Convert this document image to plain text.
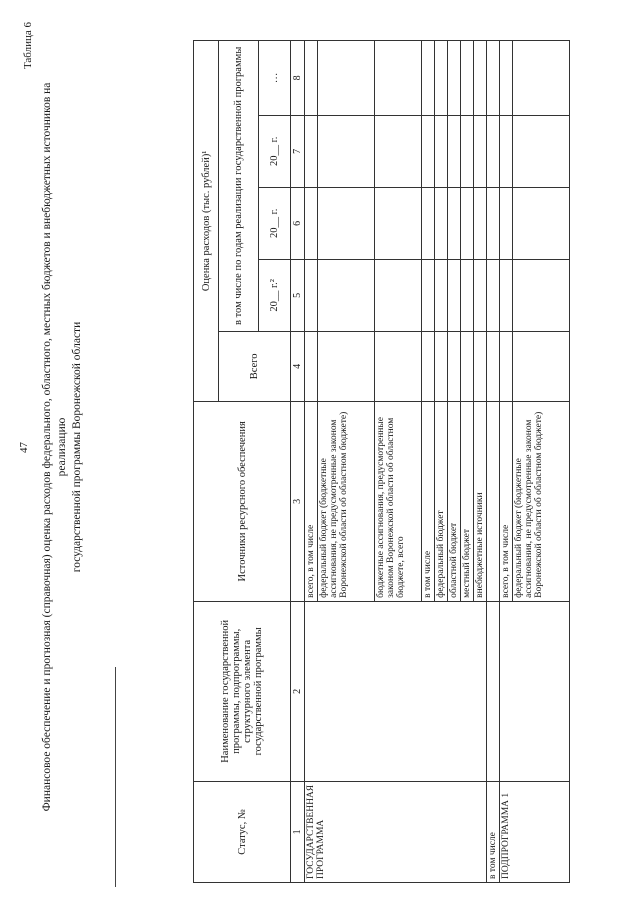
47
Таблица 6
Финансовое обеспечение и прогнозная (справочная) оценка расходов федерального, областного, местных бюджетов и внебюджетных источников на реализацию государственной программы Воронежской области
Статус, №	Наименование государственной программы, подпрограммы, структурного элемента государственной программы	Источники ресурсного обеспечения	Оценка расходов (тыс. рублей)¹				
			Всего	в том числе по годам реализации государственной программы			
				20__ г.²	20__ г.	20__ г.	…
1	2	3	4	5	6	7	8
ГОСУДАРСТВЕННАЯ ПРОГРАММА		всего, в том числе					
		федеральный бюджет (бюджетные ассигнования, не предусмотренные законом Воронежской области об областном бюджете)					
		бюджетные ассигнования, предусмотренные законом Воронежской области об областном бюджете, всего					
		в том числе					
		федеральный бюджет					
		областной бюджет					
		местный бюджет					
		внебюджетные источники					
в том числе							
ПОДПРОГРАММА 1		всего, в том числе					
		федеральный бюджет (бюджетные ассигнования, не предусмотренные законом Воронежской области об областном бюджете)					
